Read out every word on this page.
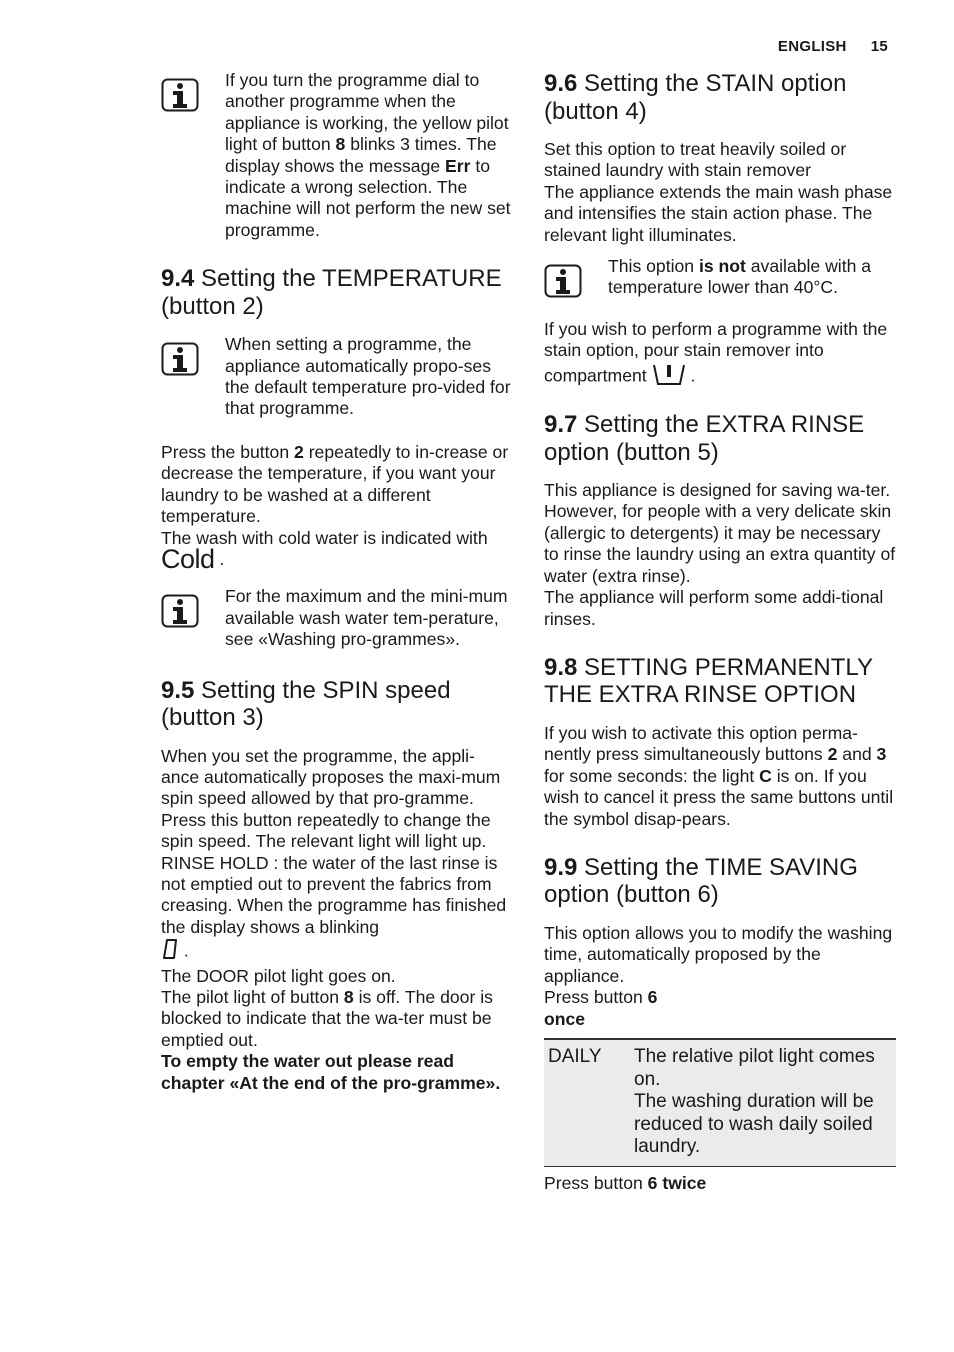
ENGLISH 15

If you turn the programme dial to another programme when the appliance is working, the yellow pilot light of button 8 blinks 3 times. The display shows the message Err to indicate a wrong selection. The machine will not perform the new set programme.

9.4 Setting the TEMPERATURE (button 2)

When setting a programme, the appliance automatically propo-ses the default temperature pro-vided for that programme.

Press the button 2 repeatedly to in-crease or decrease the temperature, if you want your laundry to be washed at a different temperature.

The wash with cold water is indicated with Cold .

For the maximum and the mini-mum available wash water tem-perature, see «Washing pro-grammes».

9.5 Setting the SPIN speed (button 3)

When you set the programme, the appli-ance automatically proposes the maxi-mum spin speed allowed by that pro-gramme.

Press this button repeatedly to change the spin speed. The relevant light will light up.

RINSE HOLD : the water of the last rinse is not emptied out to prevent the fabrics from creasing. When the programme has finished the display shows a blinking
.

The DOOR pilot light goes on.

The pilot light of button 8 is off. The door is blocked to indicate that the wa-ter must be emptied out.

To empty the water out please read chapter «At the end of the pro-gramme».

9.6 Setting the STAIN option (button 4)

Set this option to treat heavily soiled or stained laundry with stain remover

The appliance extends the main wash phase and intensifies the stain action phase. The relevant light illuminates.

This option is not available with a temperature lower than 40°C.

If you wish to perform a programme with the stain option, pour stain remover into compartment  .

9.7 Setting the EXTRA RINSE option (button 5)

This appliance is designed for saving wa-ter.

However, for people with a very delicate skin (allergic to detergents) it may be necessary to rinse the laundry using an extra quantity of water (extra rinse).

The appliance will perform some addi-tional rinses.

9.8 SETTING PERMANENTLY THE EXTRA RINSE OPTION

If you wish to activate this option perma-nently press simultaneously buttons 2 and 3 for some seconds: the light C is on. If you wish to cancel it press the same buttons until the symbol disap-pears.

9.9 Setting the TIME SAVING option (button 6)

This option allows you to modify the washing time, automatically proposed by the appliance.

Press button 6

once

DAILY	The relative pilot light comes on.
The washing duration will be reduced to wash daily soiled laundry.

Press button 6 twice
